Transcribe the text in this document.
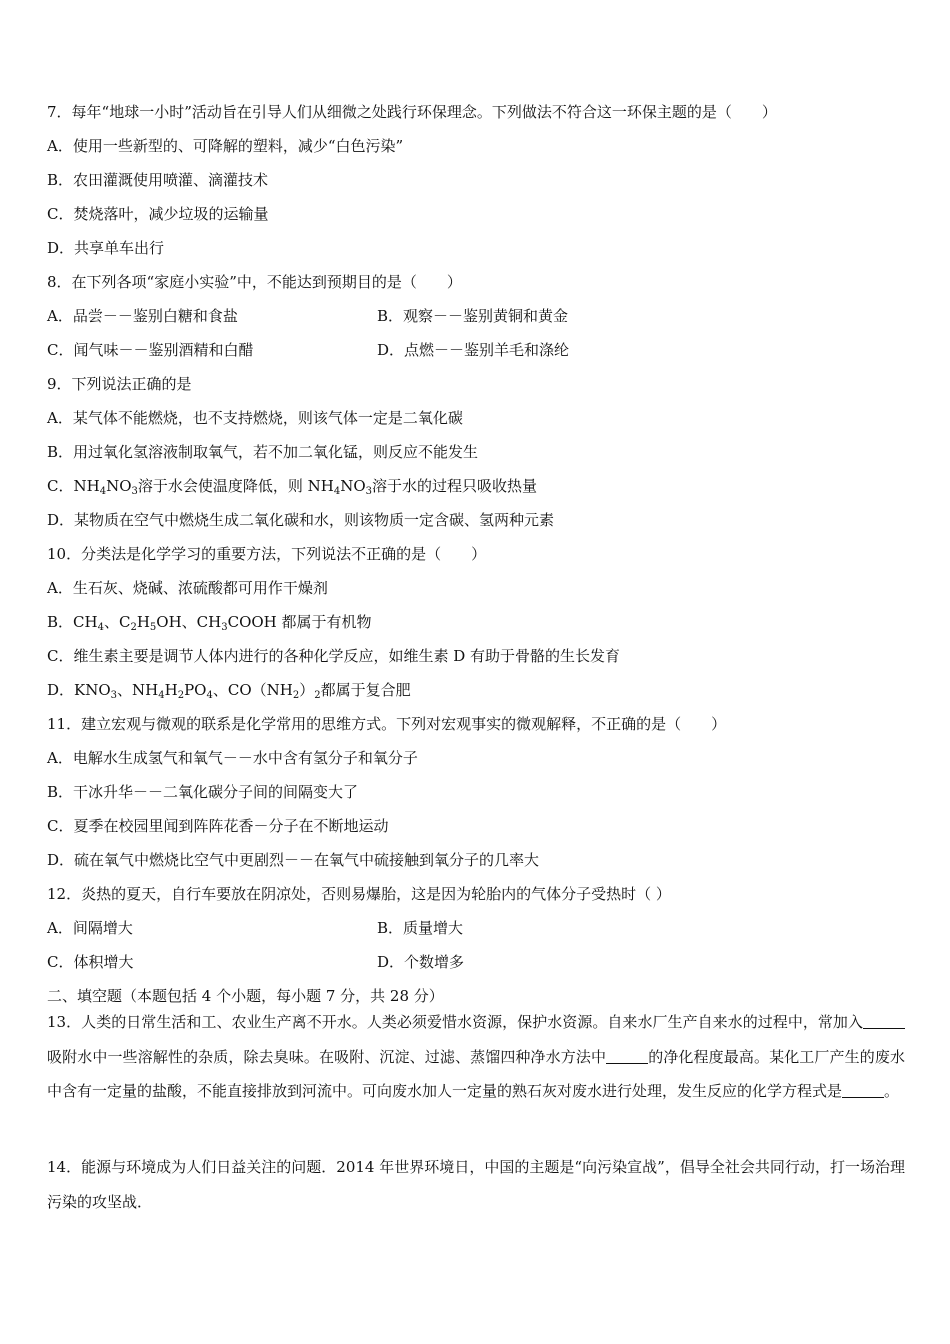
7．每年“地球一小时”活动旨在引导人们从细微之处践行环保理念。下列做法不符合这一环保主题的是（　　）
A．使用一些新型的、可降解的塑料，减少“白色污染”
B．农田灌溉使用喷灌、滴灌技术
C．焚烧落叶，减少垃圾的运输量
D．共享单车出行
8．在下列各项“家庭小实验”中，不能达到预期目的是（　　）
A．品尝－－鉴别白糖和食盐	B．观察－－鉴别黄铜和黄金
C．闻气味－－鉴别酒精和白醋	D．点燃－－鉴别羊毛和涤纶
9．下列说法正确的是
A．某气体不能燃烧，也不支持燃烧，则该气体一定是二氧化碳
B．用过氧化氢溶液制取氧气，若不加二氧化锰，则反应不能发生
C．$NH_4NO_3$溶于水会使温度降低，则 $NH_4NO_3$溶于水的过程只吸收热量
D．某物质在空气中燃烧生成二氧化碳和水，则该物质一定含碳、氢两种元素
10．分类法是化学学习的重要方法，下列说法不正确的是（　　）
A．生石灰、烧碱、浓硫酸都可用作干燥剂
B．$CH_4$、$C_2H_5OH$、$CH_3COOH$ 都属于有机物
C．维生素主要是调节人体内进行的各种化学反应，如维生素 D 有助于骨骼的生长发育
D．$KNO_3$、$NH_4H_2PO_4$、$CO(NH_2)_2$都属于复合肥
11．建立宏观与微观的联系是化学常用的思维方式。下列对宏观事实的微观解释，不正确的是（　　）
A．电解水生成氢气和氧气－－水中含有氢分子和氧分子
B．干冰升华－－二氧化碳分子间的间隔变大了
C．夏季在校园里闻到阵阵花香－分子在不断地运动
D．硫在氧气中燃烧比空气中更剧烈－－在氧气中硫接触到氧分子的几率大
12．炎热的夏天，自行车要放在阴凉处，否则易爆胎，这是因为轮胎内的气体分子受热时（ ）
A．间隔增大	B．质量增大
C．体积增大	D．个数增多
二、填空题（本题包括 4 个小题，每小题 7 分，共 28 分）
13．人类的日常生活和工、农业生产离不开水。人类必须爱惜水资源，保护水资源。自来水厂生产自来水的过程中，常加入吸附水中一些溶解性的杂质，除去臭味。在吸附、沉淀、过滤、蒸馏四种净水方法中	的净化程度最高。某化工厂产生的废水中含有一定量的盐酸，不能直接排放到河流中。可向废水加人一定量的熟石灰对废水进行处理，发生反应的化学方程式是	。
14．能源与环境成为人们日益关注的问题．2014 年世界环境日，中国的主题是“向污染宣战”，倡导全社会共同行动，打一场治理污染的攻坚战．
